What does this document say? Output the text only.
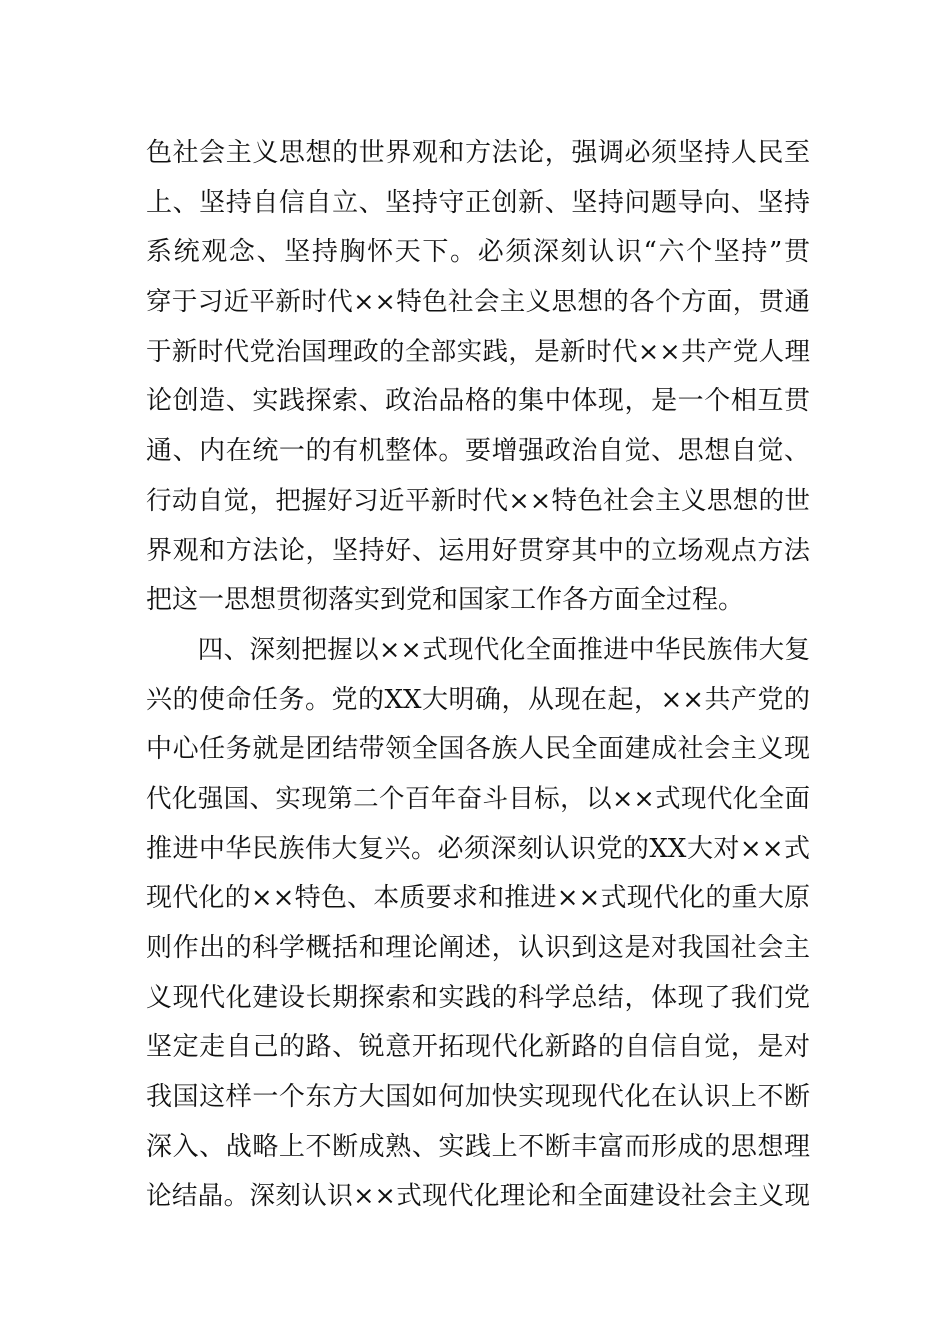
色社会主义思想的世界观和方法论，强调必须坚持人民至
上、坚持自信自立、坚持守正创新、坚持问题导向、坚持
系统观念、坚持胸怀天下。必须深刻认识“六个坚持”贯
穿于习近平新时代××特色社会主义思想的各个方面，贯通
于新时代党治国理政的全部实践，是新时代××共产党人理
论创造、实践探索、政治品格的集中体现，是一个相互贯
通、内在统一的有机整体。要增强政治自觉、思想自觉、
行动自觉，把握好习近平新时代××特色社会主义思想的世
界观和方法论，坚持好、运用好贯穿其中的立场观点方法
把这一思想贯彻落实到党和国家工作各方面全过程。
　　四、深刻把握以××式现代化全面推进中华民族伟大复
兴的使命任务。党的XX大明确，从现在起，××共产党的
中心任务就是团结带领全国各族人民全面建成社会主义现
代化强国、实现第二个百年奋斗目标，以××式现代化全面
推进中华民族伟大复兴。必须深刻认识党的XX大对××式
现代化的××特色、本质要求和推进××式现代化的重大原
则作出的科学概括和理论阐述，认识到这是对我国社会主
义现代化建设长期探索和实践的科学总结，体现了我们党
坚定走自己的路、锐意开拓现代化新路的自信自觉，是对
我国这样一个东方大国如何加快实现现代化在认识上不断
深入、战略上不断成熟、实践上不断丰富而形成的思想理
论结晶。深刻认识××式现代化理论和全面建设社会主义现
